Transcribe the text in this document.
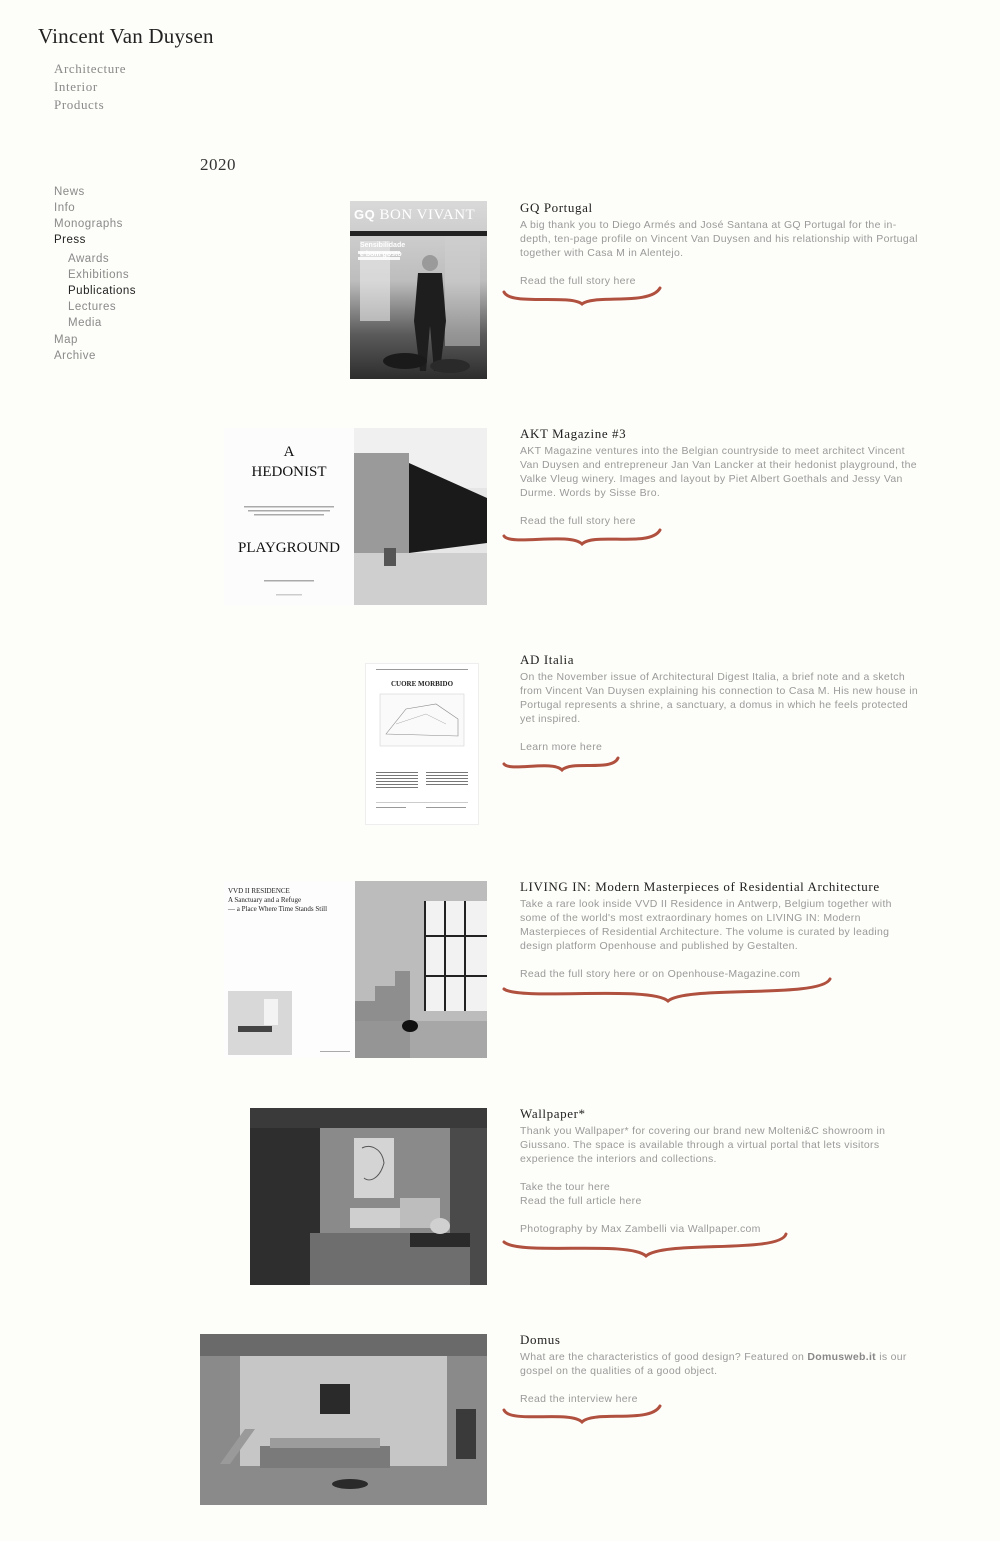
Vincent Van Duysen
Architecture
Interior
Products
News
Info
Monographs
Press
Awards
Exhibitions
Publications
Lectures
Media
Map
Archive
2020
GQ BON VIVANT
Sensibilidade e bom gosto
GQ Portugal

A big thank you to Diego Armés and José Santana at GQ Portugal for the in-depth, ten-page profile on Vincent Van Duysen and his relationship with Portugal together with Casa M in Alentejo.

Read the full story here
A
HEDONIST
PLAYGROUND
AKT Magazine #3

AKT Magazine ventures into the Belgian countryside to meet architect Vincent Van Duysen and entrepreneur Jan Van Lancker at their hedonist playground, the Valke Vleug winery. Images and layout by Piet Albert Goethals and Jessy Van Durme. Words by Sisse Bro.

Read the full story here
CUORE MORBIDO
AD Italia

On the November issue of Architectural Digest Italia, a brief note and a sketch from Vincent Van Duysen explaining his connection to Casa M. His new house in Portugal represents a shrine, a sanctuary, a domus in which he feels protected yet inspired.

Learn more here
VVD II RESIDENCE
A Sanctuary and a Refuge
— a Place Where Time Stands Still
LIVING IN: Modern Masterpieces of Residential Architecture

Take a rare look inside VVD II Residence in Antwerp, Belgium together with some of the world's most extraordinary homes on LIVING IN: Modern Masterpieces of Residential Architecture. The volume is curated by leading design platform Openhouse and published by Gestalten.

Read the full story here or on Openhouse-Magazine.com
Wallpaper*

Thank you Wallpaper* for covering our brand new Molteni&C showroom in Giussano. The space is available through a virtual portal that lets visitors experience the interiors and collections.

Take the tour here
Read the full article here
Photography by Max Zambelli via Wallpaper.com
Domus

What are the characteristics of good design? Featured on Domusweb.it is our gospel on the qualities of a good object.

Read the interview here
